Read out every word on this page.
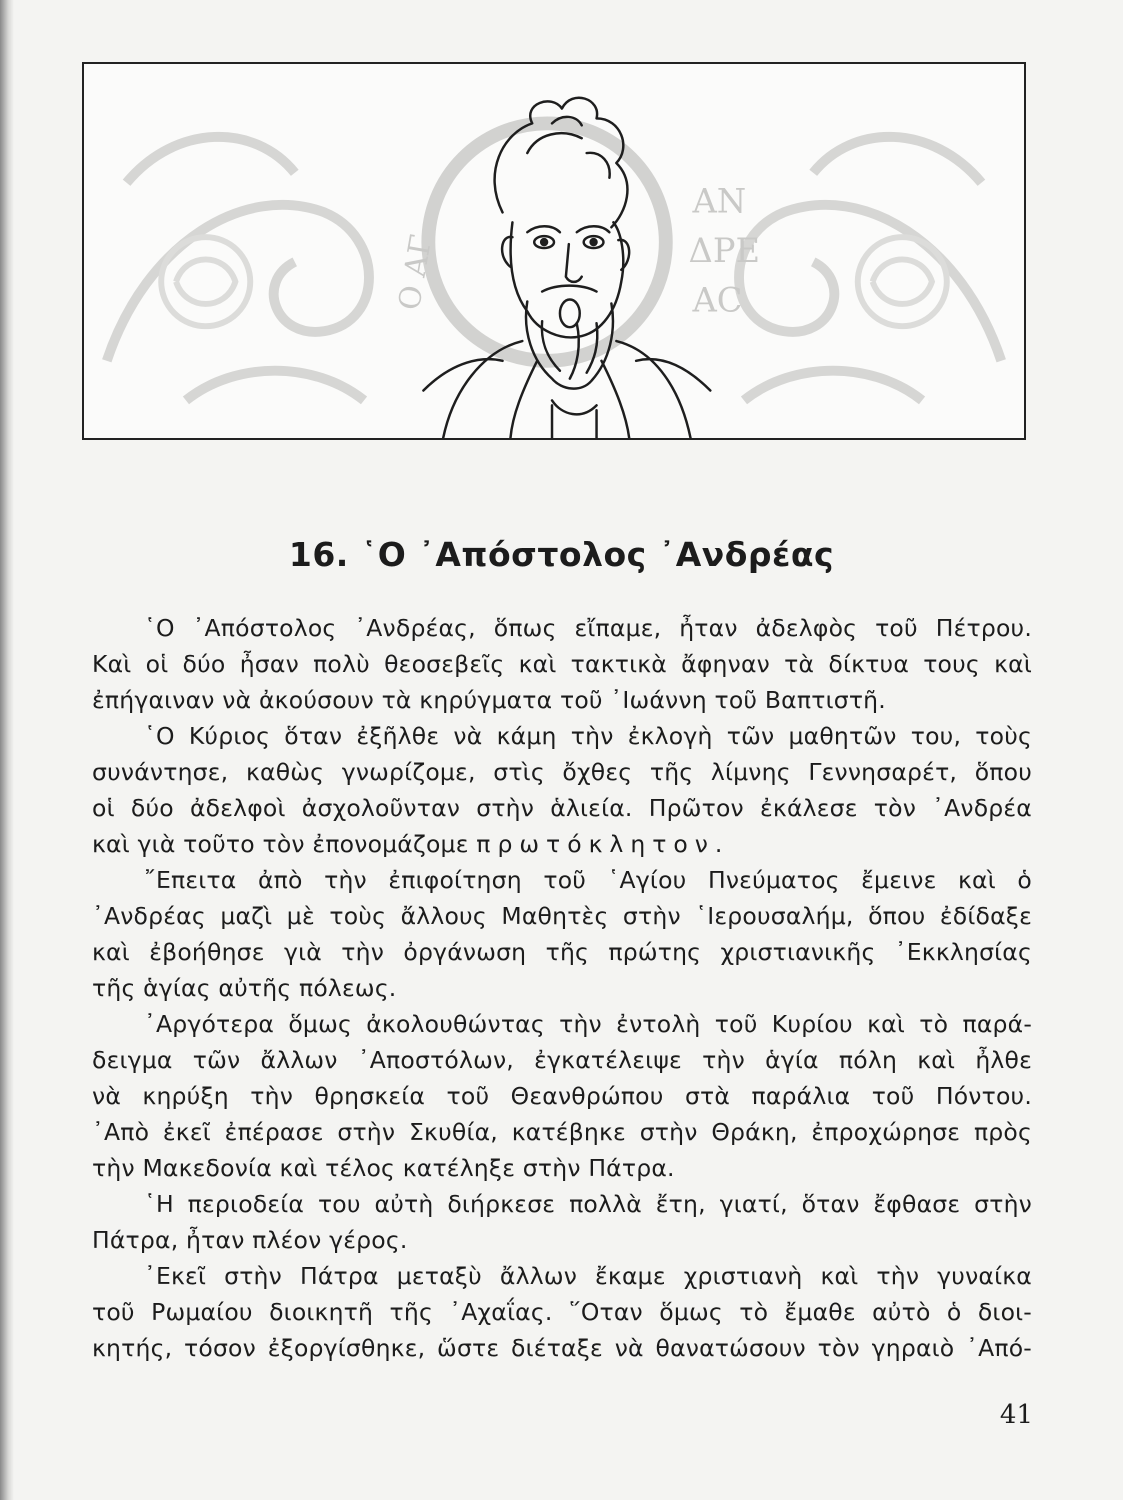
Ο ΑΓ
ΑΝ
ΔΡΕ
ΑC
16. ῾Ο ᾿Απόστολος ᾿Ανδρέας
῾Ο ᾿Απόστολος ᾿Ανδρέας, ὅπως εἴπαμε, ἦταν ἀδελφὸς τοῦ Πέτρου.
Καὶ οἱ δύο ἦσαν πολὺ θεοσεβεῖς καὶ τακτικὰ ἄφηναν τὰ δίκτυα τους καὶ
ἐπήγαιναν νὰ ἀκούσουν τὰ κηρύγματα τοῦ ᾿Ιωάννη τοῦ Βαπτιστῆ.
῾Ο Κύριος ὅταν ἐξῆλθε νὰ κάμη τὴν ἐκλογὴ τῶν μαθητῶν του, τοὺς
συνάντησε, καθὼς γνωρίζομε, στὶς ὄχθες τῆς λίμνης Γεννησαρέτ, ὅπου
οἱ δύο ἀδελφοὶ ἀσχολοῦνταν στὴν ἁλιεία. Πρῶτον ἐκάλεσε τὸν ᾿Ανδρέα
καὶ γιὰ τοῦτο τὸν ἐπονομάζομε πρωτόκλητον.
῎Επειτα ἀπὸ τὴν ἐπιφοίτηση τοῦ ῾Αγίου Πνεύματος ἔμεινε καὶ ὁ
᾿Ανδρέας μαζὶ μὲ τοὺς ἄλλους Μαθητὲς στὴν ῾Ιερουσαλήμ, ὅπου ἐδίδαξε
καὶ ἐβοήθησε γιὰ τὴν ὀργάνωση τῆς πρώτης χριστιανικῆς ᾿Εκκλησίας
τῆς ἁγίας αὐτῆς πόλεως.
᾿Αργότερα ὅμως ἀκολουθώντας τὴν ἐντολὴ τοῦ Κυρίου καὶ τὸ παρά-
δειγμα τῶν ἄλλων ᾿Αποστόλων, ἐγκατέλειψε τὴν ἁγία πόλη καὶ ἦλθε
νὰ κηρύξη τὴν θρησκεία τοῦ Θεανθρώπου στὰ παράλια τοῦ Πόντου.
᾿Απὸ ἐκεῖ ἐπέρασε στὴν Σκυθία, κατέβηκε στὴν Θράκη, ἐπροχώρησε πρὸς
τὴν Μακεδονία καὶ τέλος κατέληξε στὴν Πάτρα.
῾Η περιοδεία του αὐτὴ διήρκεσε πολλὰ ἔτη, γιατί, ὅταν ἔφθασε στὴν
Πάτρα, ἦταν πλέον γέρος.
᾿Εκεῖ στὴν Πάτρα μεταξὺ ἄλλων ἔκαμε χριστιανὴ καὶ τὴν γυναίκα
τοῦ Ρωμαίου διοικητῆ τῆς ᾿Αχαΐας. ῞Οταν ὅμως τὸ ἔμαθε αὐτὸ ὁ διοι-
κητής, τόσον ἐξοργίσθηκε, ὥστε διέταξε νὰ θανατώσουν τὸν γηραιὸ ᾿Από-
41
